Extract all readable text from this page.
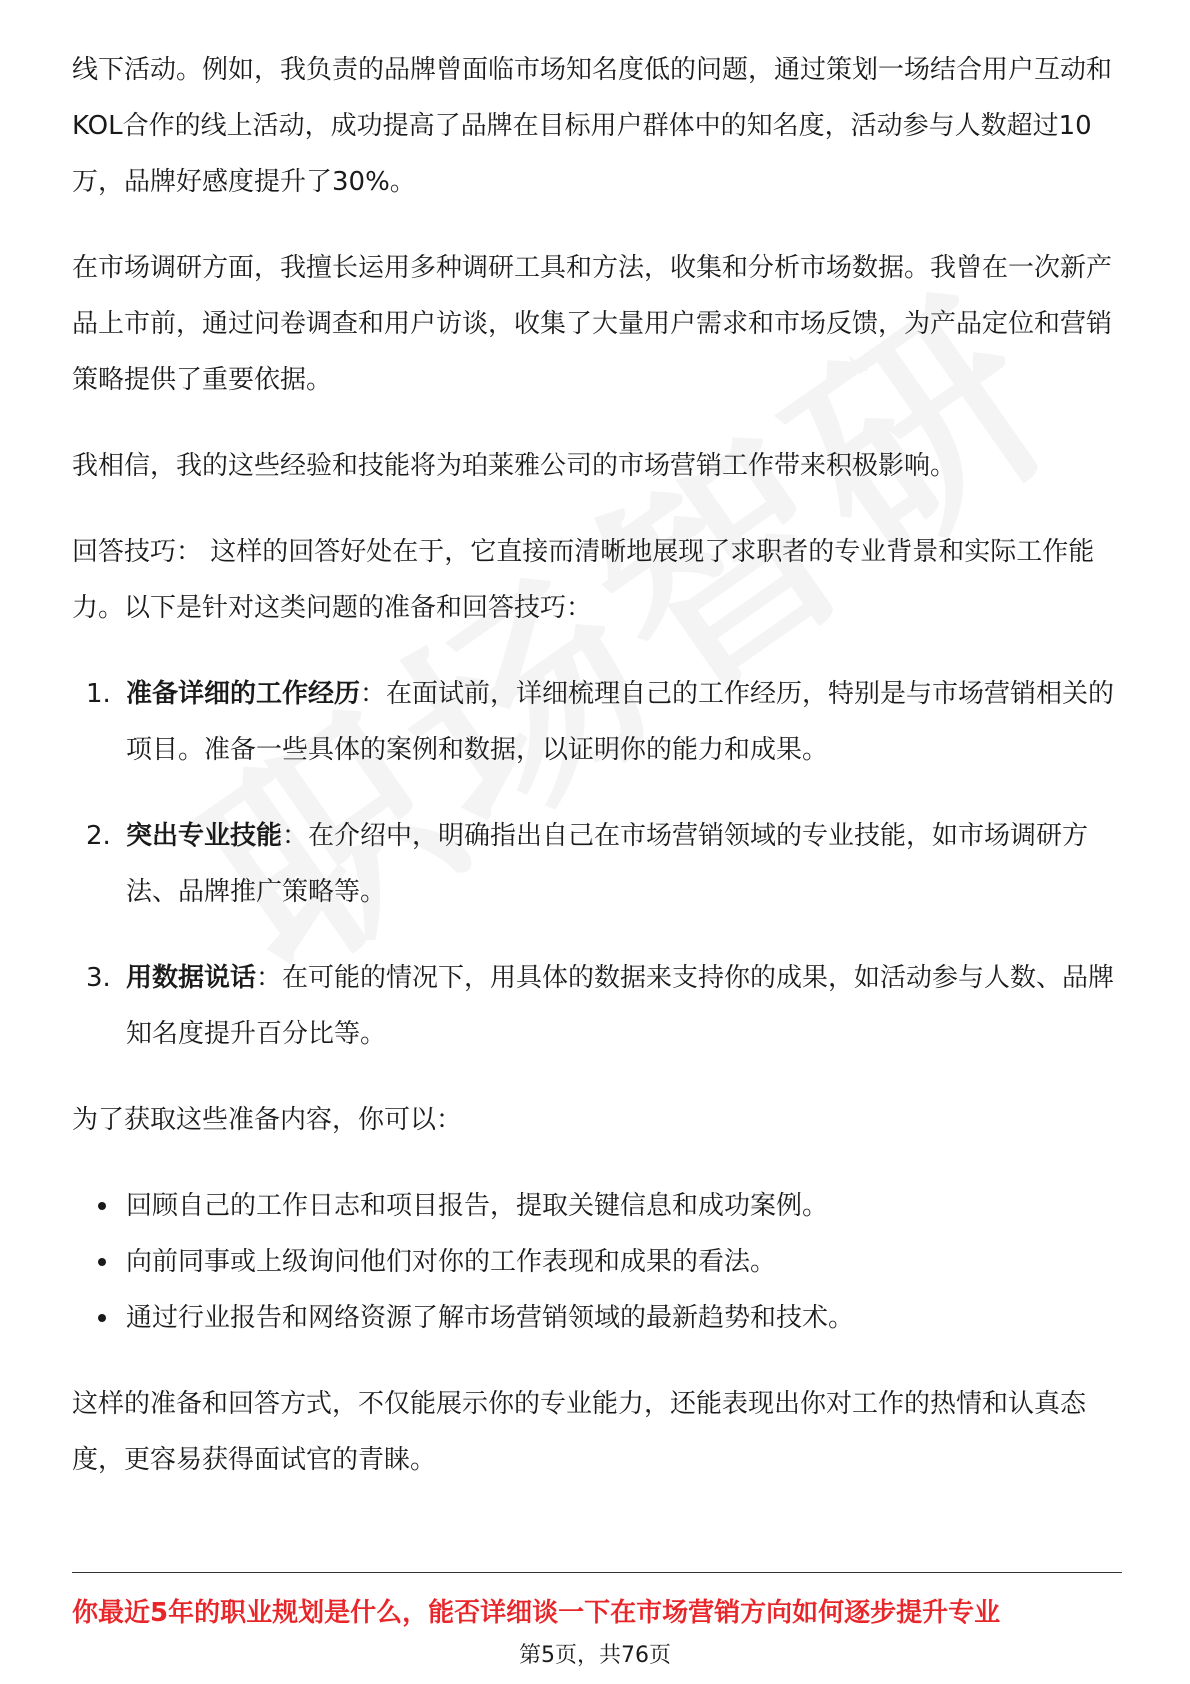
线下活动。例如，我负责的品牌曾面临市场知名度低的问题，通过策划一场结合用户互动和KOL合作的线上活动，成功提高了品牌在目标用户群体中的知名度，活动参与人数超过10万，品牌好感度提升了30%。

在市场调研方面，我擅长运用多种调研工具和方法，收集和分析市场数据。我曾在一次新产品上市前，通过问卷调查和用户访谈，收集了大量用户需求和市场反馈，为产品定位和营销策略提供了重要依据。

我相信，我的这些经验和技能将为珀莱雅公司的市场营销工作带来积极影响。

回答技巧： 这样的回答好处在于，它直接而清晰地展现了求职者的专业背景和实际工作能力。以下是针对这类问题的准备和回答技巧：

1. 准备详细的工作经历：在面试前，详细梳理自己的工作经历，特别是与市场营销相关的项目。准备一些具体的案例和数据，以证明你的能力和成果。
2. 突出专业技能：在介绍中，明确指出自己在市场营销领域的专业技能，如市场调研方法、品牌推广策略等。
3. 用数据说话：在可能的情况下，用具体的数据来支持你的成果，如活动参与人数、品牌知名度提升百分比等。

为了获取这些准备内容，你可以：

回顾自己的工作日志和项目报告，提取关键信息和成功案例。
向前同事或上级询问他们对你的工作表现和成果的看法。
通过行业报告和网络资源了解市场营销领域的最新趋势和技术。

这样的准备和回答方式，不仅能展示你的专业能力，还能表现出你对工作的热情和认真态度，更容易获得面试官的青睐。

你最近5年的职业规划是什么，能否详细谈一下在市场营销方向如何逐步提升专业
第5页，共76页
